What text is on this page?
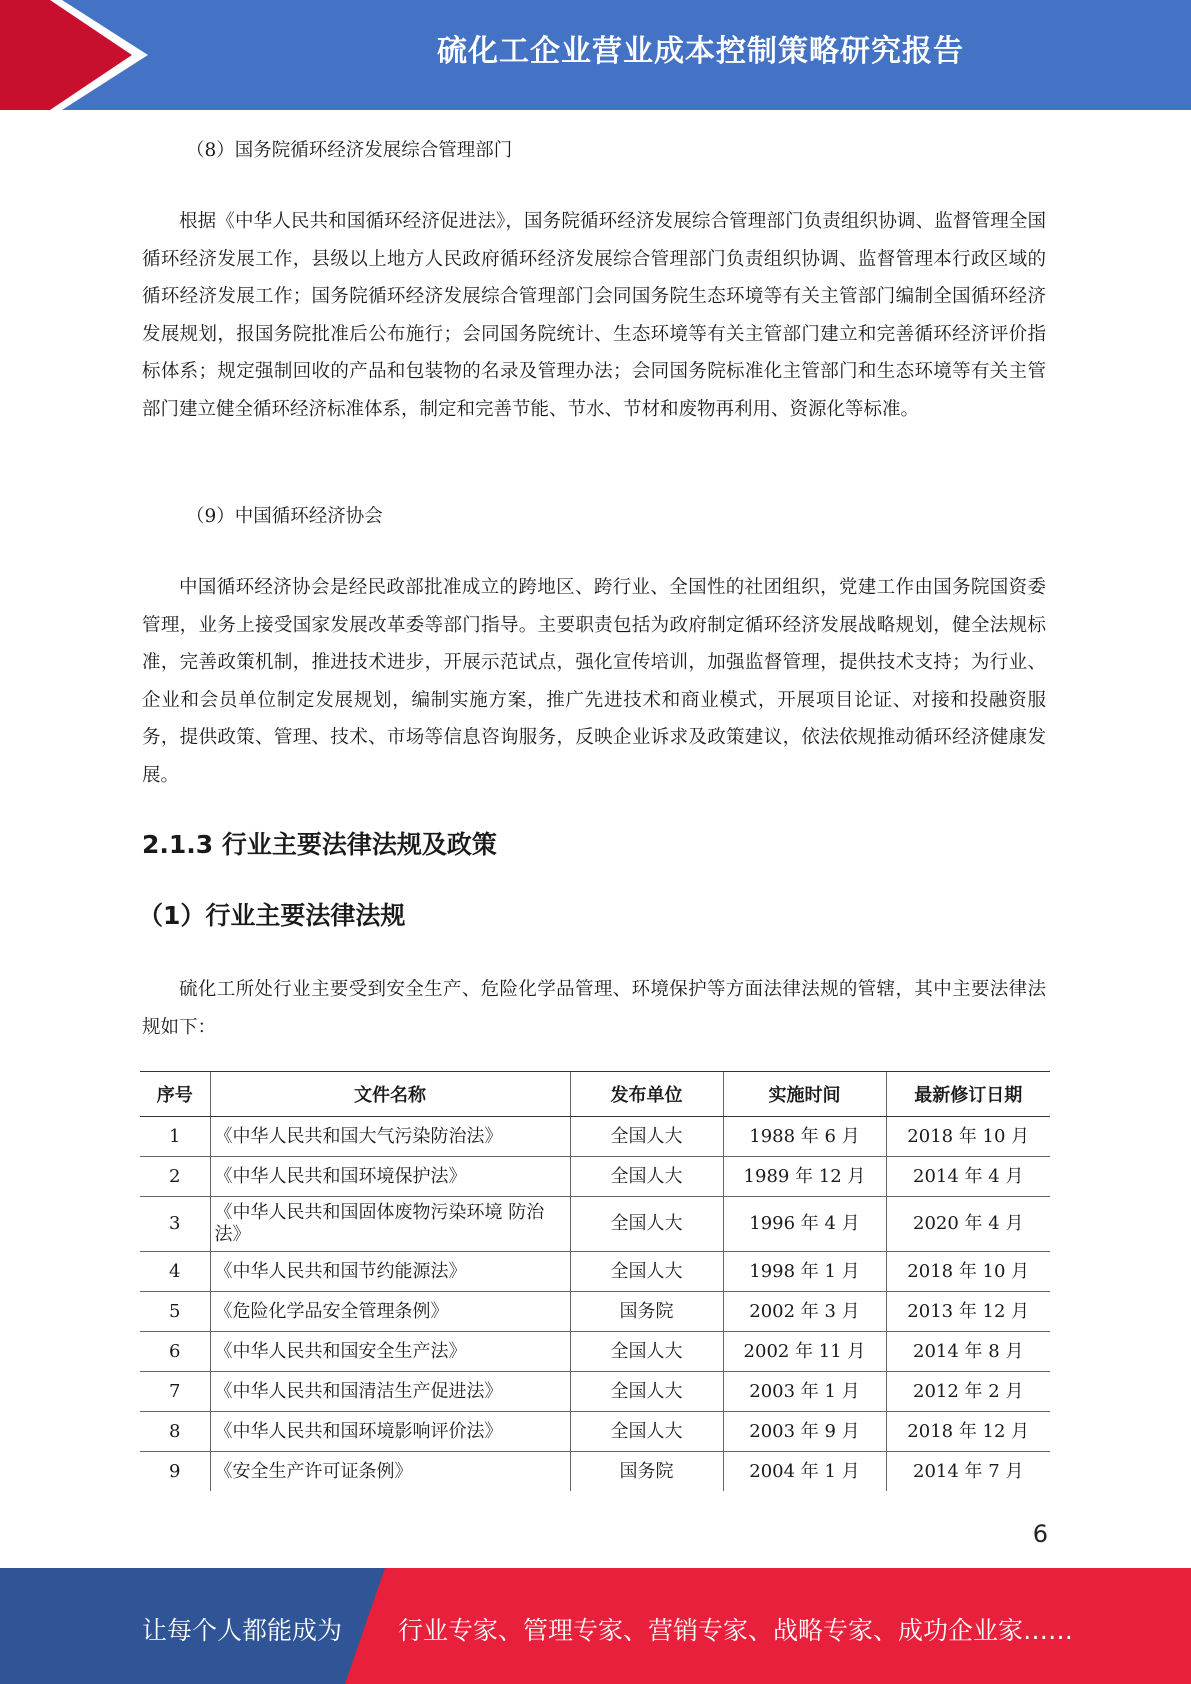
硫化工企业营业成本控制策略研究报告

（8）国务院循环经济发展综合管理部门

根据《中华人民共和国循环经济促进法》，国务院循环经济发展综合管理部门负责组织协调、监督管理全国循环经济发展工作，县级以上地方人民政府循环经济发展综合管理部门负责组织协调、监督管理本行政区域的循环经济发展工作；国务院循环经济发展综合管理部门会同国务院生态环境等有关主管部门编制全国循环经济发展规划，报国务院批准后公布施行；会同国务院统计、生态环境等有关主管部门建立和完善循环经济评价指标体系；规定强制回收的产品和包装物的名录及管理办法；会同国务院标准化主管部门和生态环境等有关主管部门建立健全循环经济标准体系，制定和完善节能、节水、节材和废物再利用、资源化等标准。

（9）中国循环经济协会

中国循环经济协会是经民政部批准成立的跨地区、跨行业、全国性的社团组织，党建工作由国务院国资委管理，业务上接受国家发展改革委等部门指导。主要职责包括为政府制定循环经济发展战略规划，健全法规标准，完善政策机制，推进技术进步，开展示范试点，强化宣传培训，加强监督管理，提供技术支持；为行业、企业和会员单位制定发展规划，编制实施方案，推广先进技术和商业模式，开展项目论证、对接和投融资服务，提供政策、管理、技术、市场等信息咨询服务，反映企业诉求及政策建议，依法依规推动循环经济健康发展。

2.1.3 行业主要法律法规及政策
（1）行业主要法律法规

硫化工所处行业主要受到安全生产、危险化学品管理、环境保护等方面法律法规的管辖，其中主要法律法规如下：

序号	文件名称	发布单位	实施时间	最新修订日期
1	《中华人民共和国大气污染防治法》	全国人大	1988 年 6 月	2018 年 10 月
2	《中华人民共和国环境保护法》	全国人大	1989 年 12 月	2014 年 4 月
3	《中华人民共和国固体废物污染环境 防治法》	全国人大	1996 年 4 月	2020 年 4 月
4	《中华人民共和国节约能源法》	全国人大	1998 年 1 月	2018 年 10 月
5	《危险化学品安全管理条例》	国务院	2002 年 3 月	2013 年 12 月
6	《中华人民共和国安全生产法》	全国人大	2002 年 11 月	2014 年 8 月
7	《中华人民共和国清洁生产促进法》	全国人大	2003 年 1 月	2012 年 2 月
8	《中华人民共和国环境影响评价法》	全国人大	2003 年 9 月	2018 年 12 月
9	《安全生产许可证条例》	国务院	2004 年 1 月	2014 年 7 月
6
让每个人都能成为 行业专家、管理专家、营销专家、战略专家、成功企业家……
